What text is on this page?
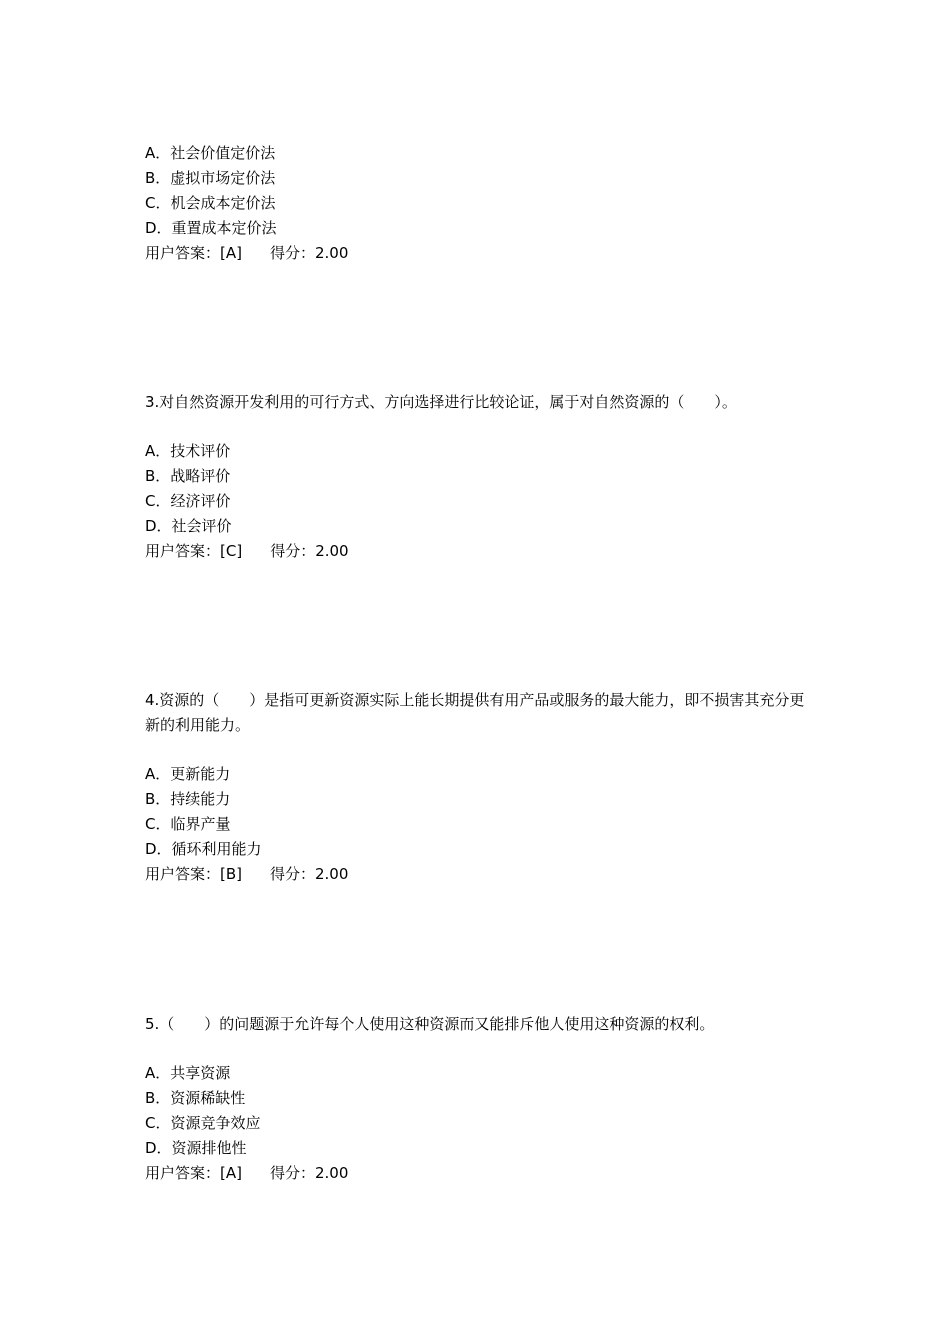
A．社会价值定价法
B．虚拟市场定价法
C．机会成本定价法
D．重置成本定价法
用户答案：[A] 得分：2.00
3.对自然资源开发利用的可行方式、方向选择进行比较论证，属于对自然资源的（　　）。
A．技术评价
B．战略评价
C．经济评价
D．社会评价
用户答案：[C] 得分：2.00
4.资源的（　　）是指可更新资源实际上能长期提供有用产品或服务的最大能力，即不损害其充分更新的利用能力。
A．更新能力
B．持续能力
C．临界产量
D．循环利用能力
用户答案：[B] 得分：2.00
5.（　　）的问题源于允许每个人使用这种资源而又能排斥他人使用这种资源的权利。
A．共享资源
B．资源稀缺性
C．资源竞争效应
D．资源排他性
用户答案：[A] 得分：2.00
